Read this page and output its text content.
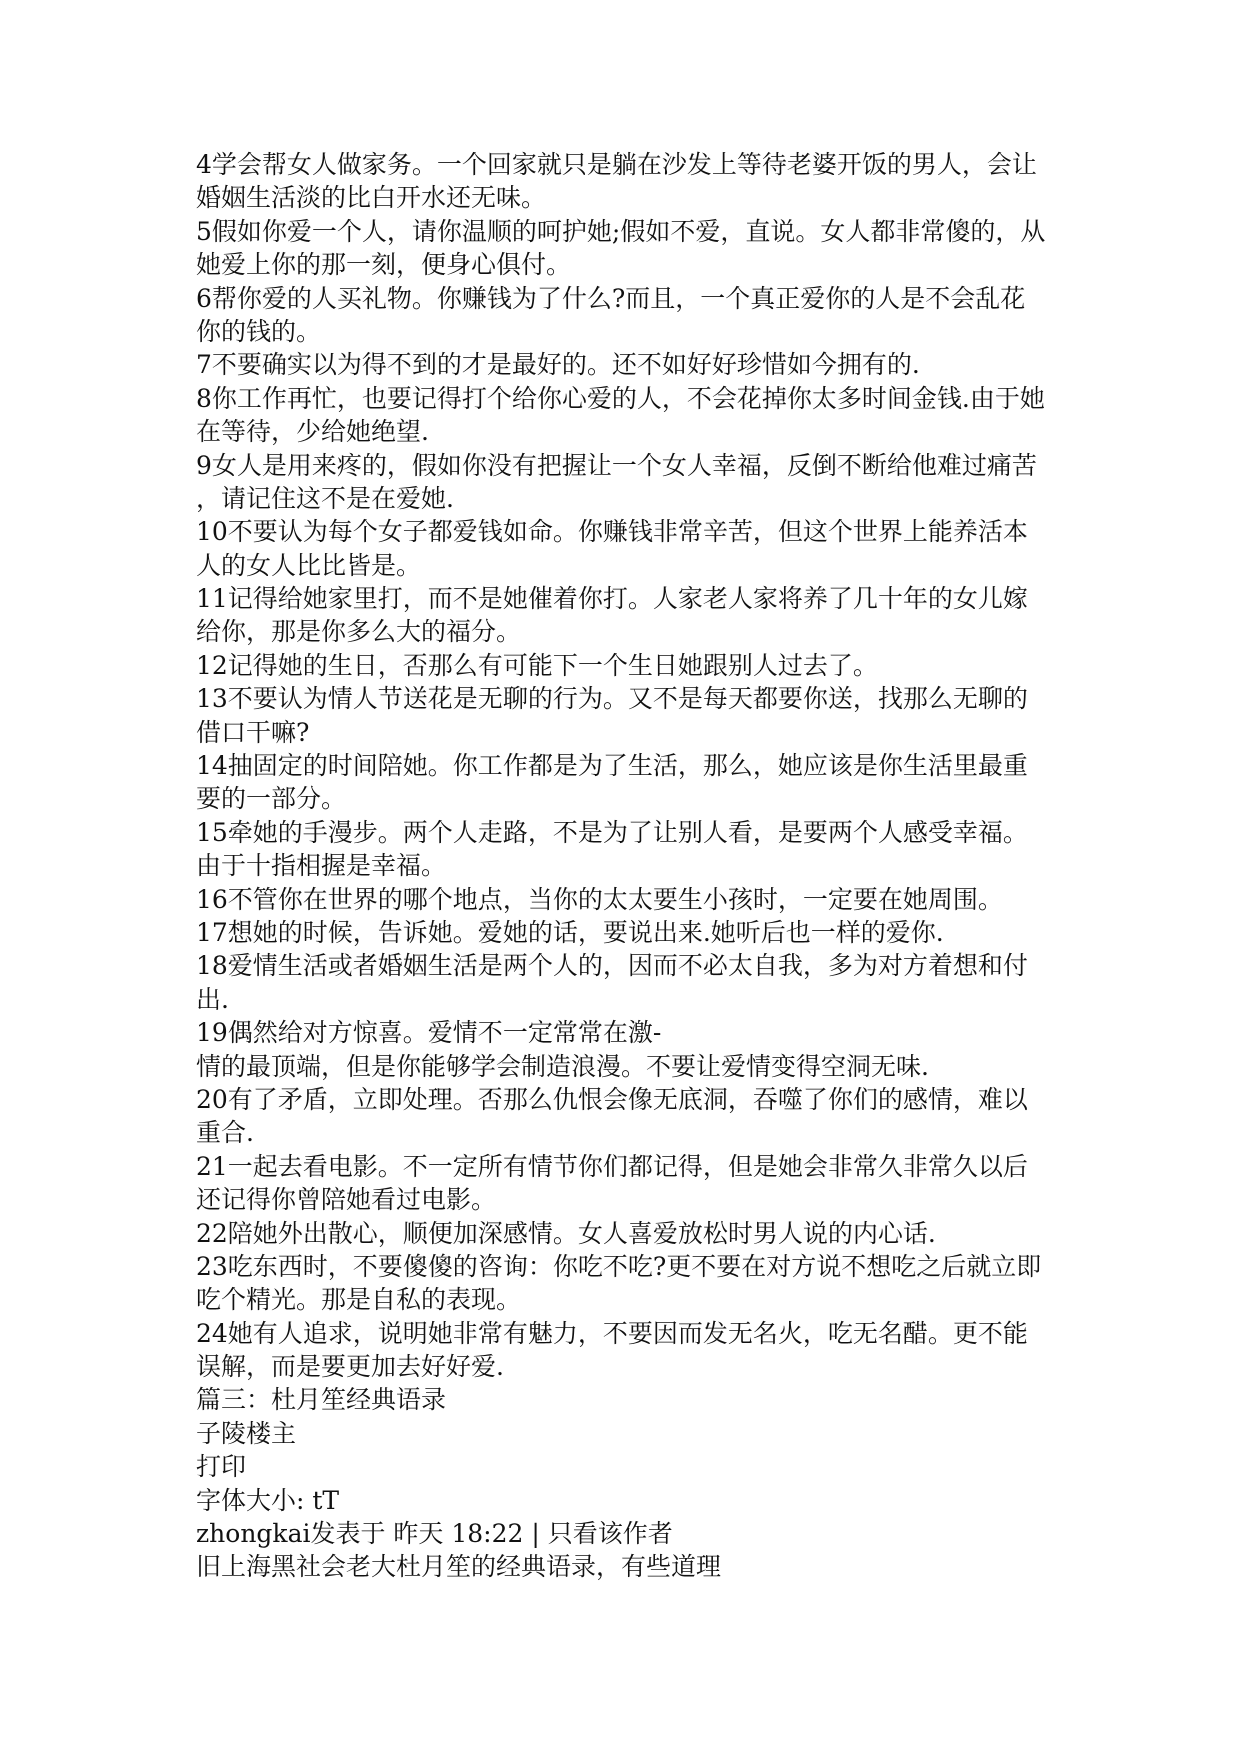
4学会帮女人做家务。一个回家就只是躺在沙发上等待老婆开饭的男人，会让
婚姻生活淡的比白开水还无味。
5假如你爱一个人，请你温顺的呵护她;假如不爱，直说。女人都非常傻的，从
她爱上你的那一刻，便身心俱付。
6帮你爱的人买礼物。你赚钱为了什么?而且，一个真正爱你的人是不会乱花
你的钱的。
7不要确实以为得不到的才是最好的。还不如好好珍惜如今拥有的.
8你工作再忙，也要记得打个给你心爱的人，不会花掉你太多时间金钱.由于她
在等待，少给她绝望.
9女人是用来疼的，假如你没有把握让一个女人幸福，反倒不断给他难过痛苦
，请记住这不是在爱她.
10不要认为每个女子都爱钱如命。你赚钱非常辛苦，但这个世界上能养活本
人的女人比比皆是。
11记得给她家里打，而不是她催着你打。人家老人家将养了几十年的女儿嫁
给你，那是你多么大的福分。
12记得她的生日，否那么有可能下一个生日她跟别人过去了。
13不要认为情人节送花是无聊的行为。又不是每天都要你送，找那么无聊的
借口干嘛?
14抽固定的时间陪她。你工作都是为了生活，那么，她应该是你生活里最重
要的一部分。
15牵她的手漫步。两个人走路，不是为了让别人看，是要两个人感受幸福。
由于十指相握是幸福。
16不管你在世界的哪个地点，当你的太太要生小孩时，一定要在她周围。
17想她的时候，告诉她。爱她的话，要说出来.她听后也一样的爱你.
18爱情生活或者婚姻生活是两个人的，因而不必太自我，多为对方着想和付
出.
19偶然给对方惊喜。爱情不一定常常在激-
情的最顶端，但是你能够学会制造浪漫。不要让爱情变得空洞无味.
20有了矛盾，立即处理。否那么仇恨会像无底洞，吞噬了你们的感情，难以
重合.
21一起去看电影。不一定所有情节你们都记得，但是她会非常久非常久以后
还记得你曾陪她看过电影。
22陪她外出散心，顺便加深感情。女人喜爱放松时男人说的内心话.
23吃东西时，不要傻傻的咨询：你吃不吃?更不要在对方说不想吃之后就立即
吃个精光。那是自私的表现。
24她有人追求，说明她非常有魅力，不要因而发无名火，吃无名醋。更不能
误解，而是要更加去好好爱.
篇三：杜月笙经典语录
子陵楼主
打印
字体大小: tT
zhongkai发表于 昨天 18:22 | 只看该作者
旧上海黑社会老大杜月笙的经典语录，有些道理
